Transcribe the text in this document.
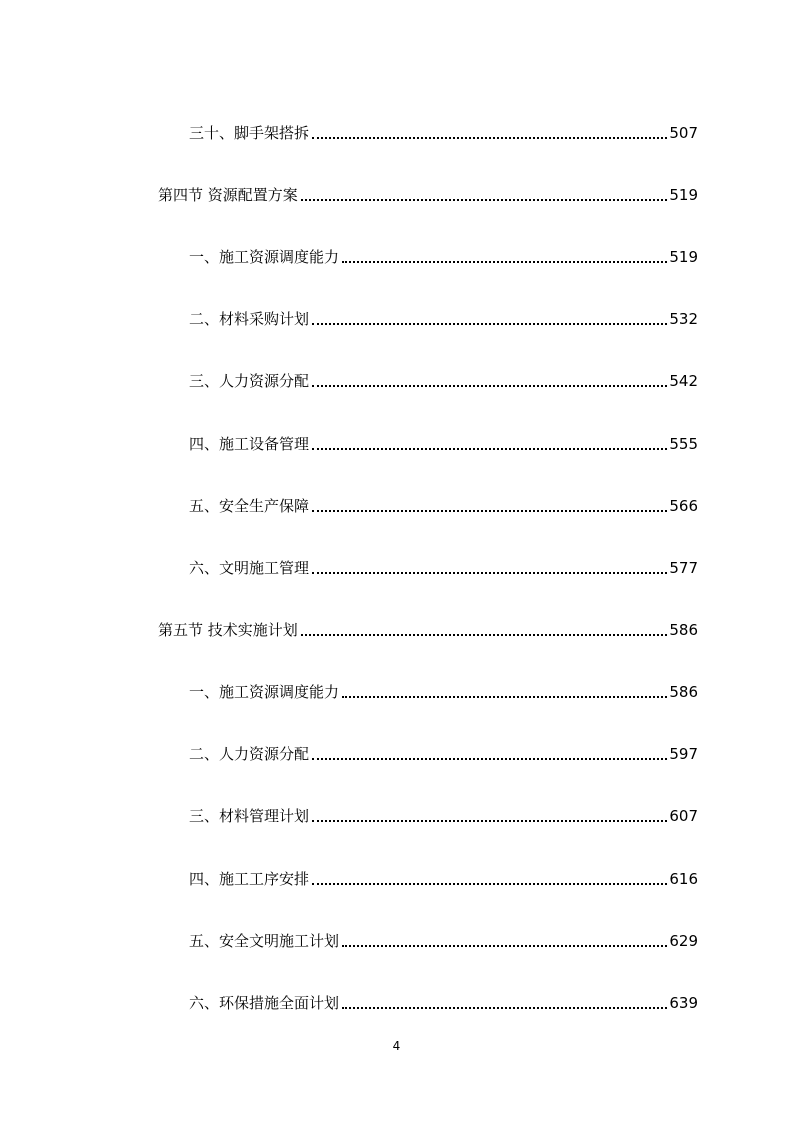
三十、脚手架搭拆	507
第四节 资源配置方案	519
一、施工资源调度能力	519
二、材料采购计划	532
三、人力资源分配	542
四、施工设备管理	555
五、安全生产保障	566
六、文明施工管理	577
第五节 技术实施计划	586
一、施工资源调度能力	586
二、人力资源分配	597
三、材料管理计划	607
四、施工工序安排	616
五、安全文明施工计划	629
六、环保措施全面计划	639
4
